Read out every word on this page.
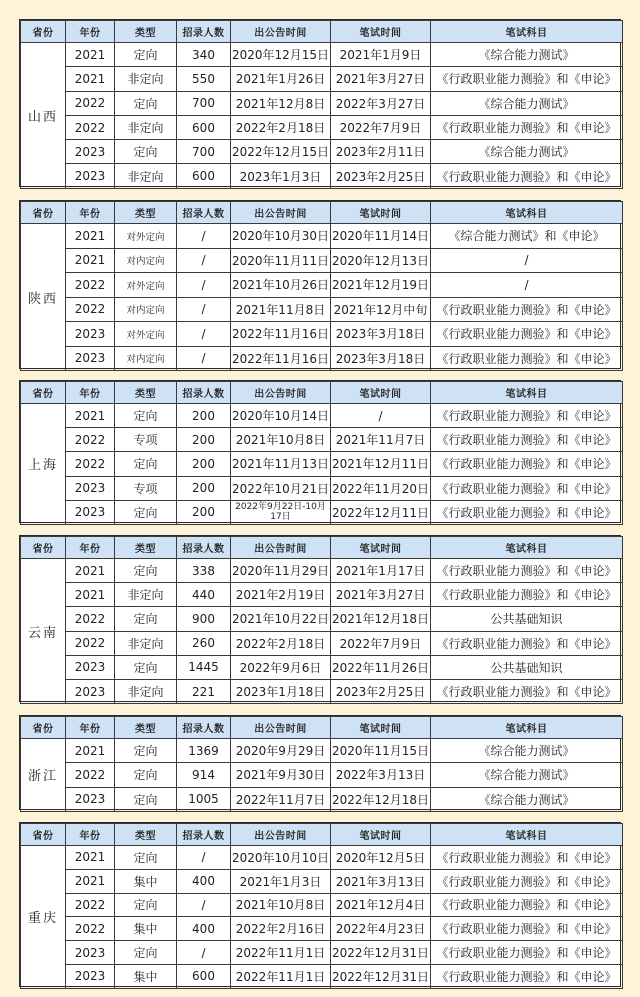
省份	年份	类型	招录人数	出公告时间	笔试时间	笔试科目
山西	2021	定向	340	2020年12月15日	2021年1月9日	《综合能力测试》
	2021	非定向	550	2021年1月26日	2021年3月27日	《行政职业能力测验》和《申论》
	2022	定向	700	2021年12月8日	2022年3月27日	《综合能力测试》
	2022	非定向	600	2022年2月18日	2022年7月9日	《行政职业能力测验》和《申论》
	2023	定向	700	2022年12月15日	2023年2月11日	《综合能力测试》
	2023	非定向	600	2023年1月3日	2023年2月25日	《行政职业能力测验》和《申论》
省份	年份	类型	招录人数	出公告时间	笔试时间	笔试科目
陕西	2021	对外定向	/	2020年10月30日	2020年11月14日	《综合能力测试》和《申论》
	2021	对内定向	/	2020年11月11日	2020年12月13日	/
	2022	对外定向	/	2021年10月26日	2021年12月19日	/
	2022	对内定向	/	2021年11月8日	2021年12月中旬	《行政职业能力测验》和《申论》
	2023	对外定向	/	2022年11月16日	2023年3月18日	《行政职业能力测验》和《申论》
	2023	对内定向	/	2022年11月16日	2023年3月18日	《行政职业能力测验》和《申论》
省份	年份	类型	招录人数	出公告时间	笔试时间	笔试科目
上海	2021	定向	200	2020年10月14日	/	《行政职业能力测验》和《申论》
	2022	专项	200	2021年10月8日	2021年11月7日	《行政职业能力测验》和《申论》
	2022	定向	200	2021年11月13日	2021年12月11日	《行政职业能力测验》和《申论》
	2023	专项	200	2022年10月21日	2022年11月20日	《行政职业能力测验》和《申论》
	2023	定向	200	2022年9月22日-10月17日	2022年12月11日	《行政职业能力测验》和《申论》
省份	年份	类型	招录人数	出公告时间	笔试时间	笔试科目
云南	2021	定向	338	2020年11月29日	2021年1月17日	《行政职业能力测验》和《申论》
	2021	非定向	440	2021年2月19日	2021年3月27日	《行政职业能力测验》和《申论》
	2022	定向	900	2021年10月22日	2021年12月18日	公共基础知识
	2022	非定向	260	2022年2月18日	2022年7月9日	《行政职业能力测验》和《申论》
	2023	定向	1445	2022年9月6日	2022年11月26日	公共基础知识
	2023	非定向	221	2023年1月18日	2023年2月25日	《行政职业能力测验》和《申论》
省份	年份	类型	招录人数	出公告时间	笔试时间	笔试科目
浙江	2021	定向	1369	2020年9月29日	2020年11月15日	《综合能力测试》
	2022	定向	914	2021年9月30日	2022年3月13日	《综合能力测试》
	2023	定向	1005	2022年11月7日	2022年12月18日	《综合能力测试》
省份	年份	类型	招录人数	出公告时间	笔试时间	笔试科目
重庆	2021	定向	/	2020年10月10日	2020年12月5日	《行政职业能力测验》和《申论》
	2021	集中	400	2021年1月3日	2021年3月13日	《行政职业能力测验》和《申论》
	2022	定向	/	2021年10月8日	2021年12月4日	《行政职业能力测验》和《申论》
	2022	集中	400	2022年2月16日	2022年4月23日	《行政职业能力测验》和《申论》
	2023	定向	/	2022年11月1日	2022年12月31日	《行政职业能力测验》和《申论》
	2023	集中	600	2022年11月1日	2022年12月31日	《行政职业能力测验》和《申论》
